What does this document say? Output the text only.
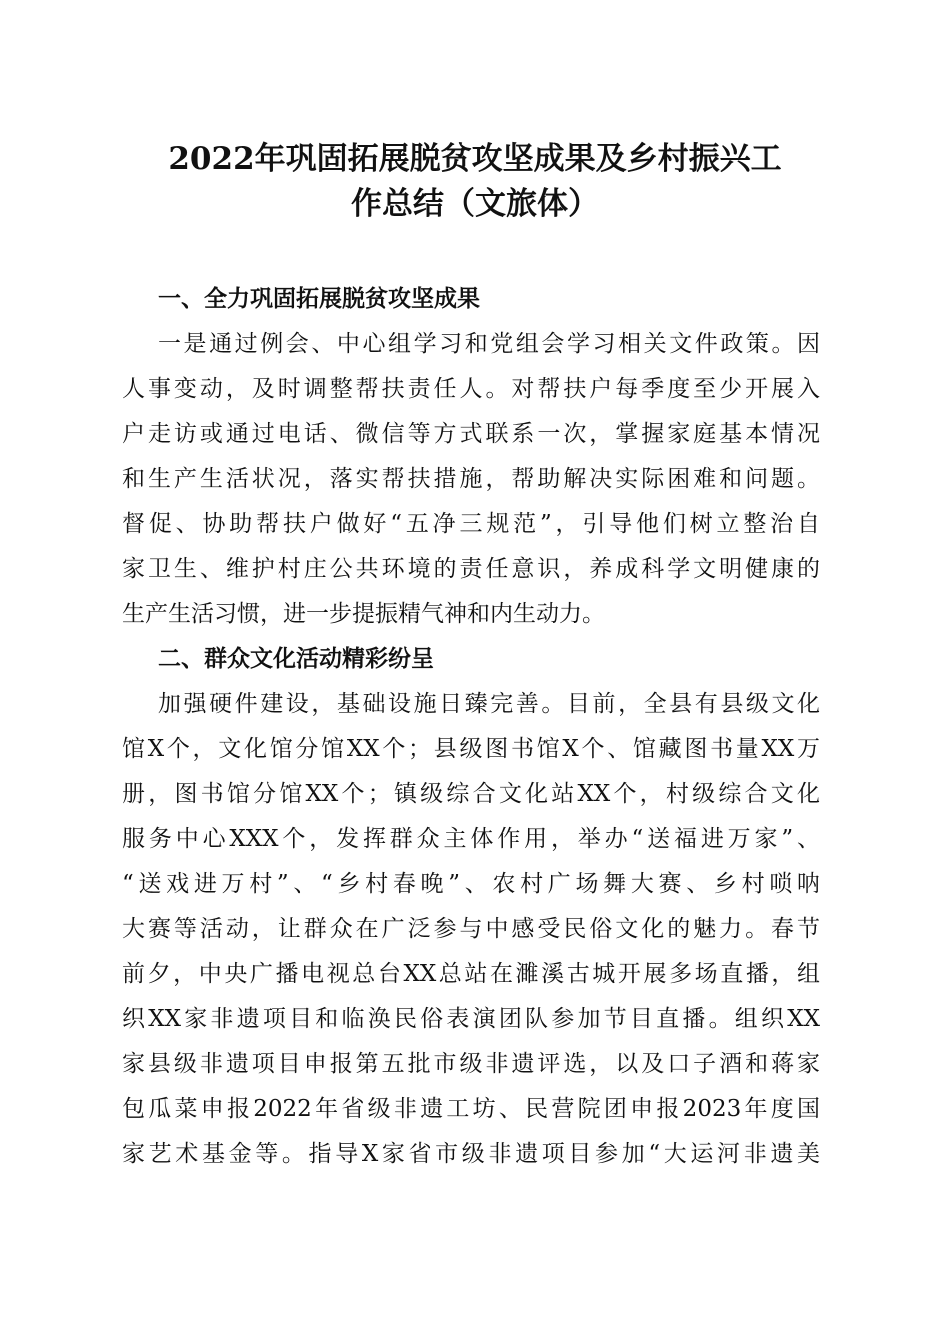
2022年巩固拓展脱贫攻坚成果及乡村振兴工
作总结（文旅体）
一、全力巩固拓展脱贫攻坚成果
一是通过例会、中心组学习和党组会学习相关文件政策。因
人事变动，及时调整帮扶责任人。对帮扶户每季度至少开展入
户走访或通过电话、微信等方式联系一次，掌握家庭基本情况
和生产生活状况，落实帮扶措施，帮助解决实际困难和问题。
督促、协助帮扶户做好“五净三规范”，引导他们树立整治自
家卫生、维护村庄公共环境的责任意识，养成科学文明健康的
生产生活习惯，进一步提振精气神和内生动力。
二、群众文化活动精彩纷呈
加强硬件建设，基础设施日臻完善。目前，全县有县级文化
馆X个，文化馆分馆XX个；县级图书馆X个、馆藏图书量XX万
册，图书馆分馆XX个；镇级综合文化站XX个，村级综合文化
服务中心XXX个，发挥群众主体作用，举办“送福进万家”、
“送戏进万村”、“乡村春晚”、农村广场舞大赛、乡村唢呐
大赛等活动，让群众在广泛参与中感受民俗文化的魅力。春节
前夕，中央广播电视总台XX总站在濉溪古城开展多场直播，组
织XX家非遗项目和临涣民俗表演团队参加节目直播。组织XX
家县级非遗项目申报第五批市级非遗评选，以及口子酒和蒋家
包瓜菜申报2022年省级非遗工坊、民营院团申报2023年度国
家艺术基金等。指导X家省市级非遗项目参加“大运河非遗美
